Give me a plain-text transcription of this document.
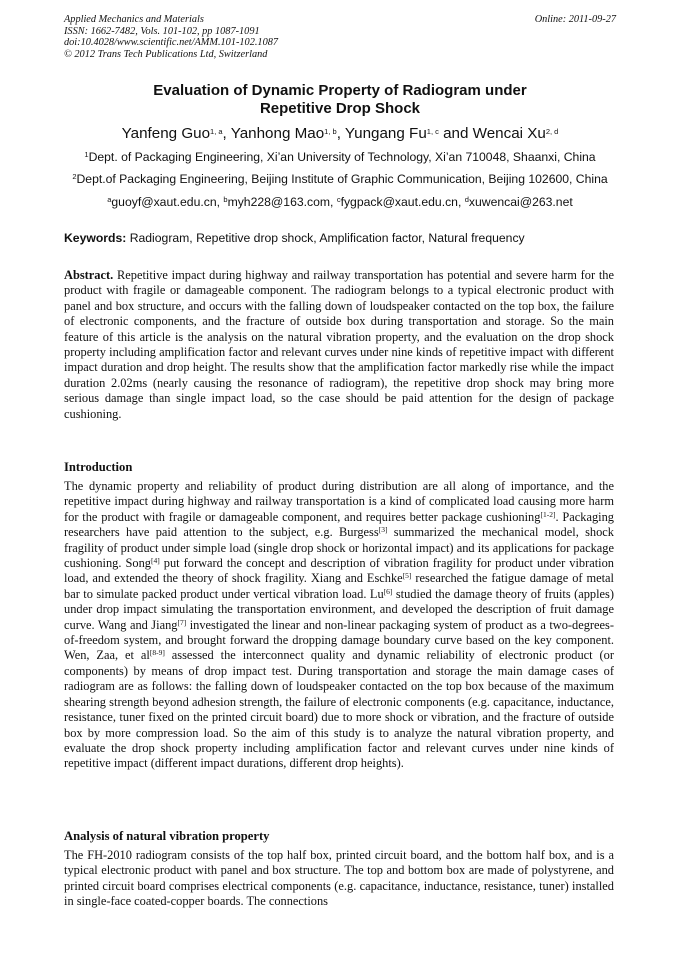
Applied Mechanics and Materials
ISSN: 1662-7482, Vols. 101-102, pp 1087-1091
doi:10.4028/www.scientific.net/AMM.101-102.1087
© 2012 Trans Tech Publications Ltd, Switzerland
Online: 2011-09-27
Evaluation of Dynamic Property of Radiogram under
Repetitive Drop Shock
Yanfeng Guo$^{1, a}$, Yanhong Mao$^{1, b}$, Yungang Fu$^{1, c}$ and Wencai Xu$^{2, d}$
$^1$Dept. of Packaging Engineering, Xi’an University of Technology, Xi’an 710048, Shaanxi, China
$^2$Dept.of Packaging Engineering, Beijing Institute of Graphic Communication, Beijing 102600, China
$^a$guoyf@xaut.edu.cn, $^b$myh228@163.com, $^c$fygpack@xaut.edu.cn, $^d$xuwencai@263.net
Keywords: Radiogram, Repetitive drop shock, Amplification factor, Natural frequency
Abstract. Repetitive impact during highway and railway transportation has potential and severe harm for the product with fragile or damageable component. The radiogram belongs to a typical electronic product with panel and box structure, and occurs with the falling down of loudspeaker contacted on the top box, the failure of electronic components, and the fracture of outside box during transportation and storage. So the main feature of this article is the analysis on the natural vibration property, and the evaluation on the drop shock property including amplification factor and relevant curves under nine kinds of repetitive impact with different impact duration and drop height. The results show that the amplification factor markedly rise while the impact duration 2.02ms (nearly causing the resonance of radiogram), the repetitive drop shock may bring more serious damage than single impact load, so the case should be paid attention for the design of package cushioning.
Introduction
The dynamic property and reliability of product during distribution are all along of importance, and the repetitive impact during highway and railway transportation is a kind of complicated load causing more harm for the product with fragile or damageable component, and requires better package cushioning[1-2]. Packaging researchers have paid attention to the subject, e.g. Burgess[3] summarized the mechanical model, shock fragility of product under simple load (single drop shock or horizontal impact) and its applications for package cushioning. Song[4] put forward the concept and description of vibration fragility for product under vibration load, and extended the theory of shock fragility. Xiang and Eschke[5] researched the fatigue damage of metal bar to simulate packed product under vertical vibration load. Lu[6] studied the damage theory of fruits (apples) under drop impact simulating the transportation environment, and developed the description of fruit damage curve. Wang and Jiang[7] investigated the linear and non-linear packaging system of product as a two-degrees-of-freedom system, and brought forward the dropping damage boundary curve based on the key component. Wen, Zaa, et al[8-9] assessed the interconnect quality and dynamic reliability of electronic product (or components) by means of drop impact test. During transportation and storage the main damage cases of radiogram are as follows: the falling down of loudspeaker contacted on the top box because of the maximum shearing strength beyond adhesion strength, the failure of electronic components (e.g. capacitance, inductance, resistance, tuner fixed on the printed circuit board) due to more shock or vibration, and the fracture of outside box by more compression load. So the aim of this study is to analyze the natural vibration property, and evaluate the drop shock property including amplification factor and relevant curves under nine kinds of repetitive impact (different impact durations, different drop heights).
Analysis of natural vibration property
The FH-2010 radiogram consists of the top half box, printed circuit board, and the bottom half box, and is a typical electronic product with panel and box structure. The top and bottom box are made of polystyrene, and printed circuit board comprises electrical components (e.g. capacitance, inductance, resistance, tuner) installed in single-face coated-copper boards. The connections
